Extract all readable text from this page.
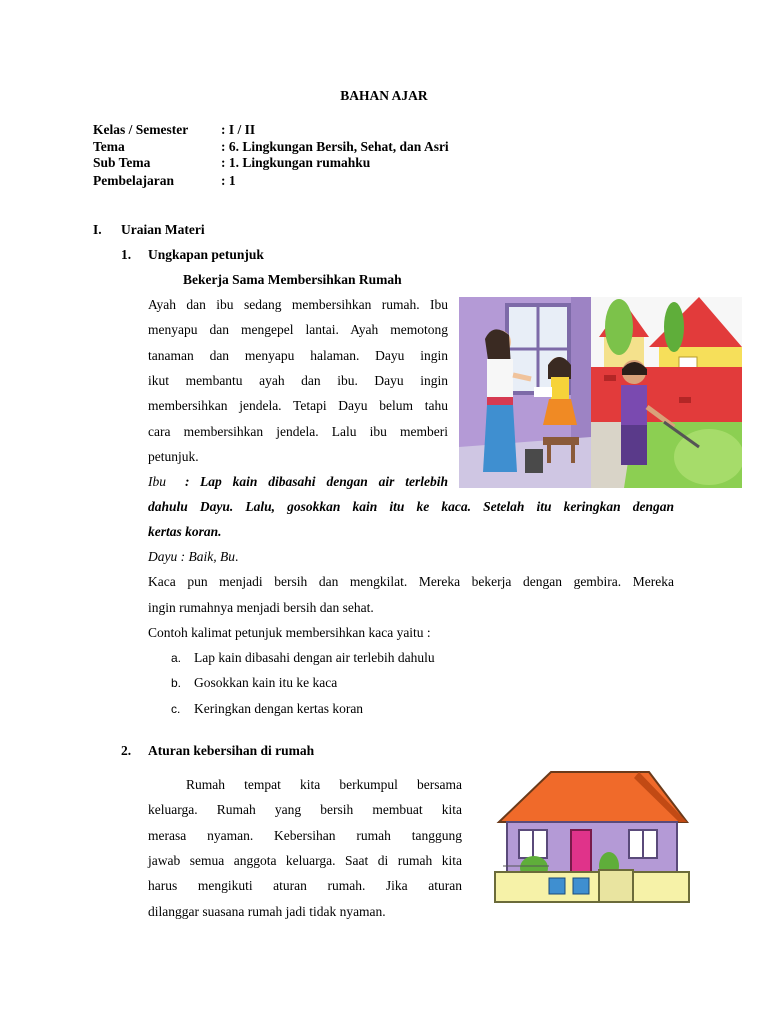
BAHAN AJAR
Kelas / Semester : I / II
Tema	: 6. Lingkungan Bersih, Sehat, dan Asri
Sub Tema	: 1. Lingkungan rumahku
Pembelajaran	: 1
I. Uraian Materi
1. Ungkapan petunjuk
Bekerja Sama Membersihkan Rumah
Ayah dan ibu sedang membersihkan rumah. Ibu
menyapu dan mengepel lantai. Ayah memotong
tanaman dan menyapu halaman. Dayu ingin
ikut membantu ayah dan ibu. Dayu ingin
membersihkan jendela. Tetapi Dayu belum tahu
cara membersihkan jendela. Lalu ibu memberi
petunjuk.
Ibu : Lap kain dibasahi dengan air terlebih
dahulu Dayu. Lalu, gosokkan kain itu ke kaca. Setelah itu keringkan dengan
kertas koran.
Dayu : Baik, Bu.
Kaca pun menjadi bersih dan mengkilat. Mereka bekerja dengan gembira. Mereka
ingin rumahnya menjadi bersih dan sehat.
Contoh kalimat petunjuk membersihkan kaca yaitu :
a. Lap kain dibasahi dengan air terlebih dahulu
b. Gosokkan kain itu ke kaca
c. Keringkan dengan kertas koran
2. Aturan kebersihan di rumah
Rumah tempat kita berkumpul bersama
keluarga. Rumah yang bersih membuat kita
merasa nyaman. Kebersihan rumah tanggung
jawab semua anggota keluarga. Saat di rumah kita
harus mengikuti aturan rumah. Jika aturan
dilanggar suasana rumah jadi tidak nyaman.
